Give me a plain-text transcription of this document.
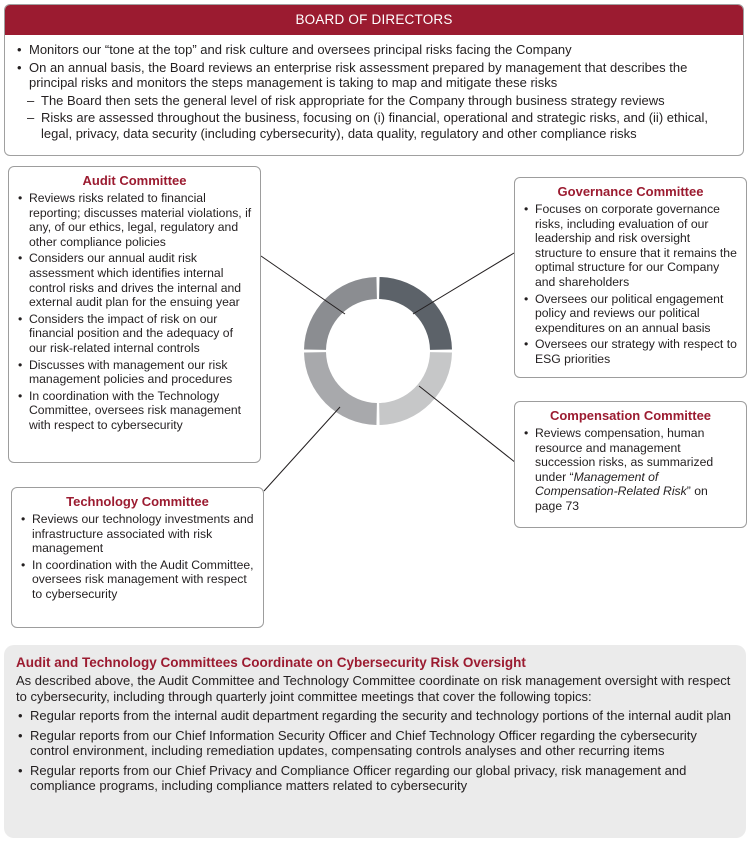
BOARD OF DIRECTORS
• Monitors our “tone at the top” and risk culture and oversees principal risks facing the Company
• On an annual basis, the Board reviews an enterprise risk assessment prepared by management that describes the principal risks and monitors the steps management is taking to map and mitigate these risks
– The Board then sets the general level of risk appropriate for the Company through business strategy reviews
– Risks are assessed throughout the business, focusing on (i) financial, operational and strategic risks, and (ii) ethical, legal, privacy, data security (including cybersecurity), data quality, regulatory and other compliance risks
Audit Committee
• Reviews risks related to financial reporting; discusses material violations, if any, of our ethics, legal, regulatory and other compliance policies
• Considers our annual audit risk assessment which identifies internal control risks and drives the internal and external audit plan for the ensuing year
• Considers the impact of risk on our financial position and the adequacy of our risk-related internal controls
• Discusses with management our risk management policies and procedures
• In coordination with the Technology Committee, oversees risk management with respect to cybersecurity
Technology Committee
• Reviews our technology investments and infrastructure associated with risk management
• In coordination with the Audit Committee, oversees risk management with respect to cybersecurity
Governance Committee
• Focuses on corporate governance risks, including evaluation of our leadership and risk oversight structure to ensure that it remains the optimal structure for our Company and shareholders
• Oversees our political engagement policy and reviews our political expenditures on an annual basis
• Oversees our strategy with respect to ESG priorities
Compensation Committee
• Reviews compensation, human resource and management succession risks, as summarized under “Management of Compensation-Related Risk” on page 73
Audit and Technology Committees Coordinate on Cybersecurity Risk Oversight

As described above, the Audit Committee and Technology Committee coordinate on risk management oversight with respect to cybersecurity, including through quarterly joint committee meetings that cover the following topics:

• Regular reports from the internal audit department regarding the security and technology portions of the internal audit plan
• Regular reports from our Chief Information Security Officer and Chief Technology Officer regarding the cybersecurity control environment, including remediation updates, compensating controls analyses and other recurring items
• Regular reports from our Chief Privacy and Compliance Officer regarding our global privacy, risk management and compliance programs, including compliance matters related to cybersecurity
